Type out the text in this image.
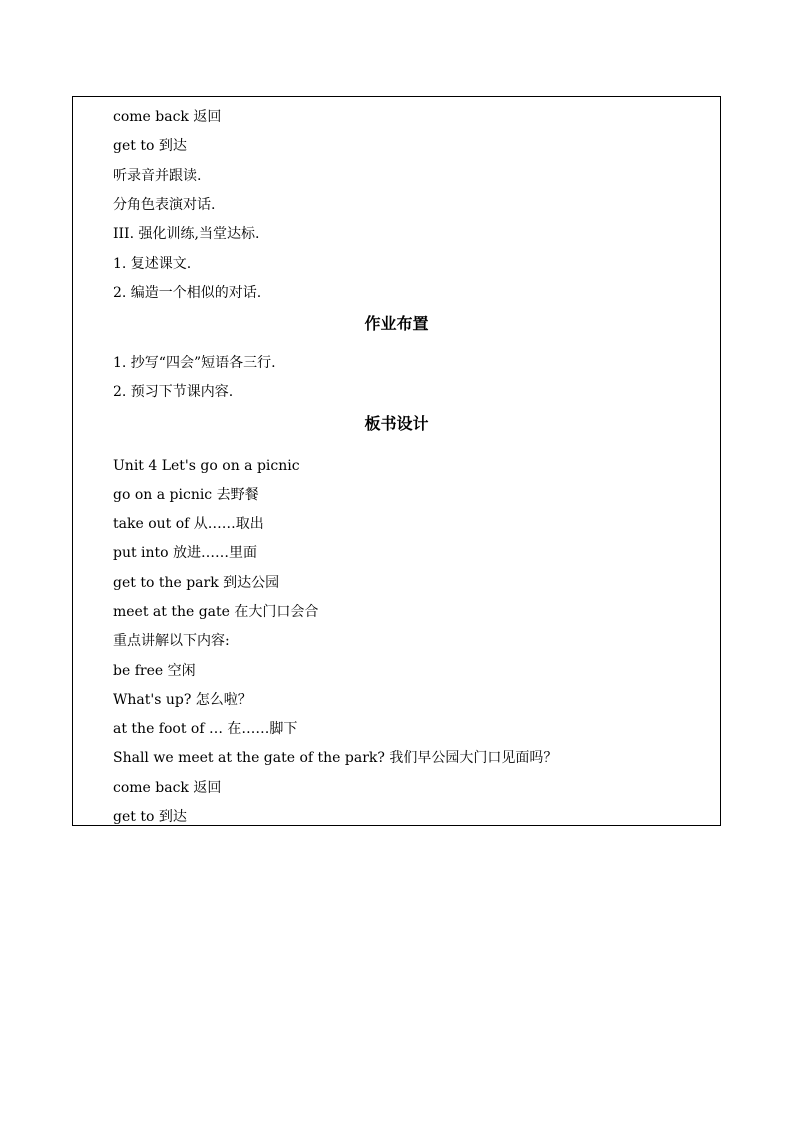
come back 返回
get to 到达
听录音并跟读.
分角色表演对话.
III. 强化训练,当堂达标.
1. 复述课文.
2. 编造一个相似的对话.
作业布置
1. 抄写“四会”短语各三行.
2. 预习下节课内容.
板书设计
Unit 4 Let's go on a picnic
go on a picnic 去野餐
take out of 从……取出
put into 放进……里面
get to the park 到达公园
meet at the gate 在大门口会合
重点讲解以下内容:
be free 空闲
What's up? 怎么啦？
at the foot of … 在……脚下
Shall we meet at the gate of the park? 我们早公园大门口见面吗？
come back 返回
get to 到达
